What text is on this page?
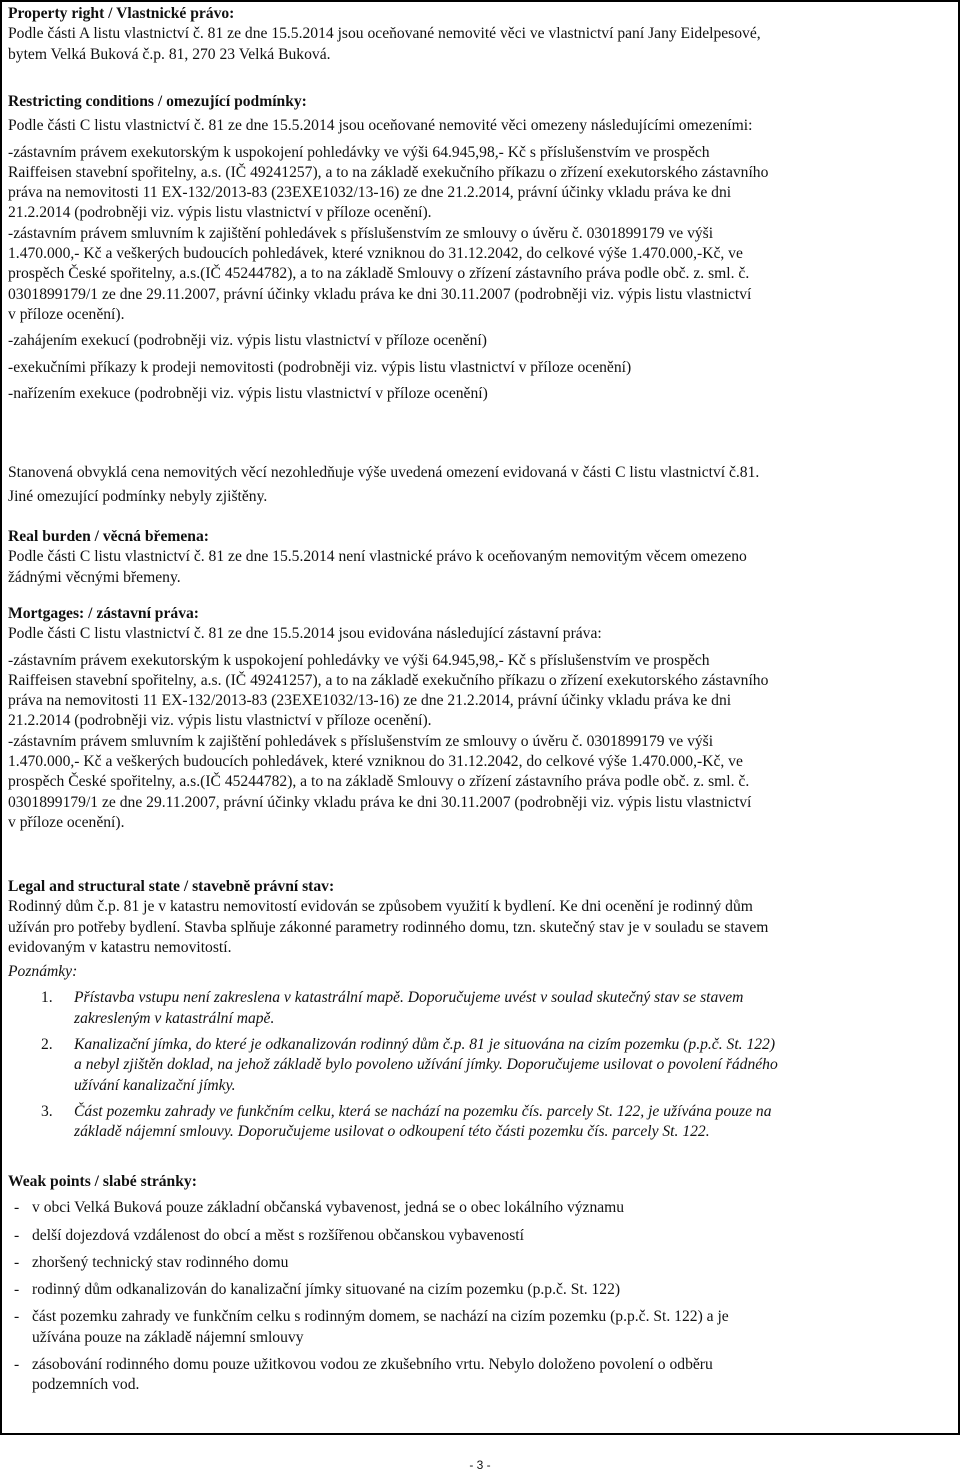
Property right / Vlastnické právo:

Podle části A listu vlastnictví č. 81 ze dne 15.5.2014 jsou oceňované nemovité věci ve vlastnictví paní Jany Eidelpesové,

bytem Velká Buková č.p. 81, 270 23 Velká Buková.

Restricting conditions / omezující podmínky:

Podle části C listu vlastnictví č. 81 ze dne 15.5.2014 jsou oceňované nemovité věci omezeny následujícími omezeními:

-zástavním právem exekutorským k uspokojení pohledávky ve výši 64.945,98,- Kč s příslušenstvím ve prospěch

Raiffeisen stavební spořitelny, a.s. (IČ 49241257), a to na základě exekučního příkazu o zřízení exekutorského zástavního

práva na nemovitosti 11 EX-132/2013-83 (23EXE1032/13-16) ze dne 21.2.2014, právní účinky vkladu práva ke dni

21.2.2014 (podrobněji viz. výpis listu vlastnictví v příloze ocenění).

-zástavním právem smluvním k zajištění pohledávek s příslušenstvím ze smlouvy o úvěru č. 0301899179 ve výši

1.470.000,- Kč a veškerých budoucích pohledávek, které vzniknou do 31.12.2042, do celkové výše 1.470.000,-Kč, ve

prospěch České spořitelny, a.s.(IČ 45244782), a to na základě Smlouvy o zřízení zástavního práva podle obč. z. sml. č.

0301899179/1 ze dne 29.11.2007, právní účinky vkladu práva ke dni 30.11.2007 (podrobněji viz. výpis listu vlastnictví

v příloze ocenění).

-zahájením exekucí (podrobněji viz. výpis listu vlastnictví v příloze ocenění)

-exekučními příkazy k prodeji nemovitosti (podrobněji viz. výpis listu vlastnictví v příloze ocenění)

-nařízením exekuce (podrobněji viz. výpis listu vlastnictví v příloze ocenění)

Stanovená obvyklá cena nemovitých věcí nezohledňuje výše uvedená omezení evidovaná v části C listu vlastnictví č.81.

Jiné omezující podmínky nebyly zjištěny.

Real burden / věcná břemena:

Podle části C listu vlastnictví č. 81 ze dne 15.5.2014 není vlastnické právo k oceňovaným nemovitým věcem omezeno

žádnými věcnými břemeny.

Mortgages: / zástavní práva:

Podle části C listu vlastnictví č. 81 ze dne 15.5.2014 jsou evidována následující zástavní práva:

-zástavním právem exekutorským k uspokojení pohledávky ve výši 64.945,98,- Kč s příslušenstvím ve prospěch

Raiffeisen stavební spořitelny, a.s. (IČ 49241257), a to na základě exekučního příkazu o zřízení exekutorského zástavního

práva na nemovitosti 11 EX-132/2013-83 (23EXE1032/13-16) ze dne 21.2.2014, právní účinky vkladu práva ke dni

21.2.2014 (podrobněji viz. výpis listu vlastnictví v příloze ocenění).

-zástavním právem smluvním k zajištění pohledávek s příslušenstvím ze smlouvy o úvěru č. 0301899179 ve výši

1.470.000,- Kč a veškerých budoucích pohledávek, které vzniknou do 31.12.2042, do celkové výše 1.470.000,-Kč, ve

prospěch České spořitelny, a.s.(IČ 45244782), a to na základě Smlouvy o zřízení zástavního práva podle obč. z. sml. č.

0301899179/1 ze dne 29.11.2007, právní účinky vkladu práva ke dni 30.11.2007 (podrobněji viz. výpis listu vlastnictví

v příloze ocenění).

Legal and structural state / stavebně právní stav:

Rodinný dům č.p. 81 je v katastru nemovitostí evidován se způsobem využití k bydlení. Ke dni ocenění je rodinný dům

užíván pro potřeby bydlení. Stavba splňuje zákonné parametry rodinného domu, tzn. skutečný stav je v souladu se stavem

evidovaným v katastru nemovitostí.

Poznámky:

1. Přístavba vstupu není zakreslena v katastrální mapě. Doporučujeme uvést v soulad skutečný stav se stavem

zakresleným v katastrální mapě.

2. Kanalizační jímka, do které je odkanalizován rodinný dům č.p. 81 je situována na cizím pozemku (p.p.č. St. 122)

a nebyl zjištěn doklad, na jehož základě bylo povoleno užívání jímky. Doporučujeme usilovat o povolení řádného

užívání kanalizační jímky.

3. Část pozemku zahrady ve funkčním celku, která se nachází na pozemku čís. parcely St. 122, je užívána pouze na

základě nájemní smlouvy. Doporučujeme usilovat o odkoupení této části pozemku čís. parcely St. 122.

Weak points / slabé stránky:

- v obci Velká Buková pouze základní občanská vybavenost, jedná se o obec lokálního významu

- delší dojezdová vzdálenost do obcí a měst s rozšířenou občanskou vybaveností

- zhoršený technický stav rodinného domu

- rodinný dům odkanalizován do kanalizační jímky situované na cizím pozemku (p.p.č. St. 122)

- část pozemku zahrady ve funkčním celku s rodinným domem, se nachází na cizím pozemku (p.p.č. St. 122) a je

užívána pouze na základě nájemní smlouvy

- zásobování rodinného domu pouze užitkovou vodou ze zkušebního vrtu. Nebylo doloženo povolení o odběru

podzemních vod.

- 3 -
